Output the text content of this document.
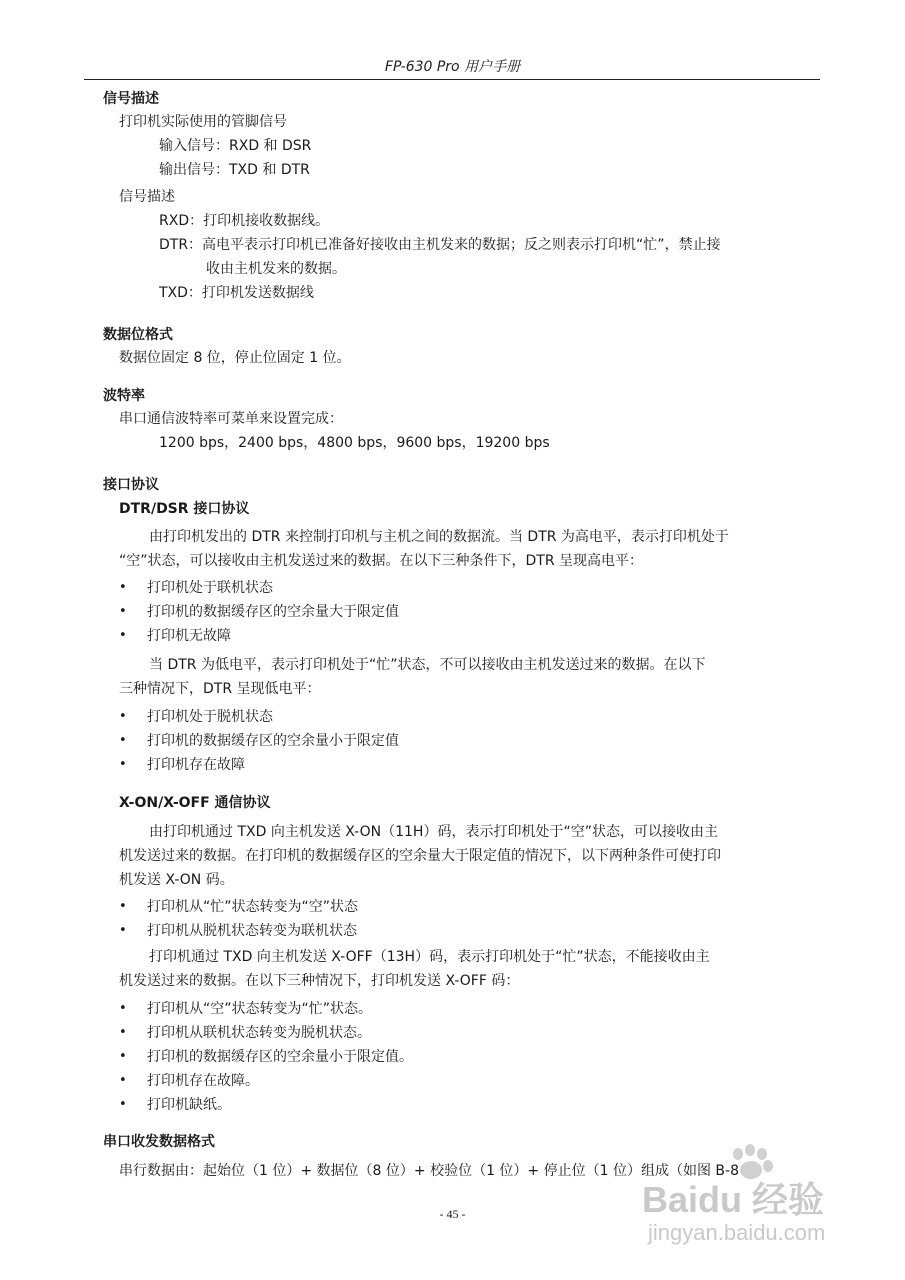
FP-630 Pro 用户手册
信号描述
打印机实际使用的管脚信号
输入信号：RXD 和 DSR
输出信号：TXD 和 DTR
信号描述
RXD：打印机接收数据线。
DTR：高电平表示打印机已准备好接收由主机发来的数据；反之则表示打印机“忙”，禁止接
收由主机发来的数据。
TXD：打印机发送数据线
数据位格式
数据位固定 8 位，停止位固定 1 位。
波特率
串口通信波特率可菜单来设置完成：
1200 bps，2400 bps，4800 bps，9600 bps，19200 bps
接口协议
DTR/DSR 接口协议
由打印机发出的 DTR 来控制打印机与主机之间的数据流。当 DTR 为高电平，表示打印机处于
“空”状态，可以接收由主机发送过来的数据。在以下三种条件下，DTR 呈现高电平：
• 打印机处于联机状态
• 打印机的数据缓存区的空余量大于限定值
• 打印机无故障
当 DTR 为低电平，表示打印机处于“忙”状态，不可以接收由主机发送过来的数据。在以下
三种情况下，DTR 呈现低电平：
• 打印机处于脱机状态
• 打印机的数据缓存区的空余量小于限定值
• 打印机存在故障
X-ON/X-OFF 通信协议
由打印机通过 TXD 向主机发送 X-ON（11H）码，表示打印机处于“空”状态，可以接收由主
机发送过来的数据。在打印机的数据缓存区的空余量大于限定值的情况下，以下两种条件可使打印
机发送 X-ON 码。
• 打印机从“忙”状态转变为“空”状态
• 打印机从脱机状态转变为联机状态
打印机通过 TXD 向主机发送 X-OFF（13H）码，表示打印机处于“忙”状态，不能接收由主
机发送过来的数据。在以下三种情况下，打印机发送 X-OFF 码：
• 打印机从“空”状态转变为“忙”状态。
• 打印机从联机状态转变为脱机状态。
• 打印机的数据缓存区的空余量小于限定值。
• 打印机存在故障。
• 打印机缺纸。
串口收发数据格式
串行数据由：起始位（1 位）+ 数据位（8 位）+ 校验位（1 位）+ 停止位（1 位）组成（如图 B-8
- 45 -	Baidu 经验
jingyan.baidu.com
